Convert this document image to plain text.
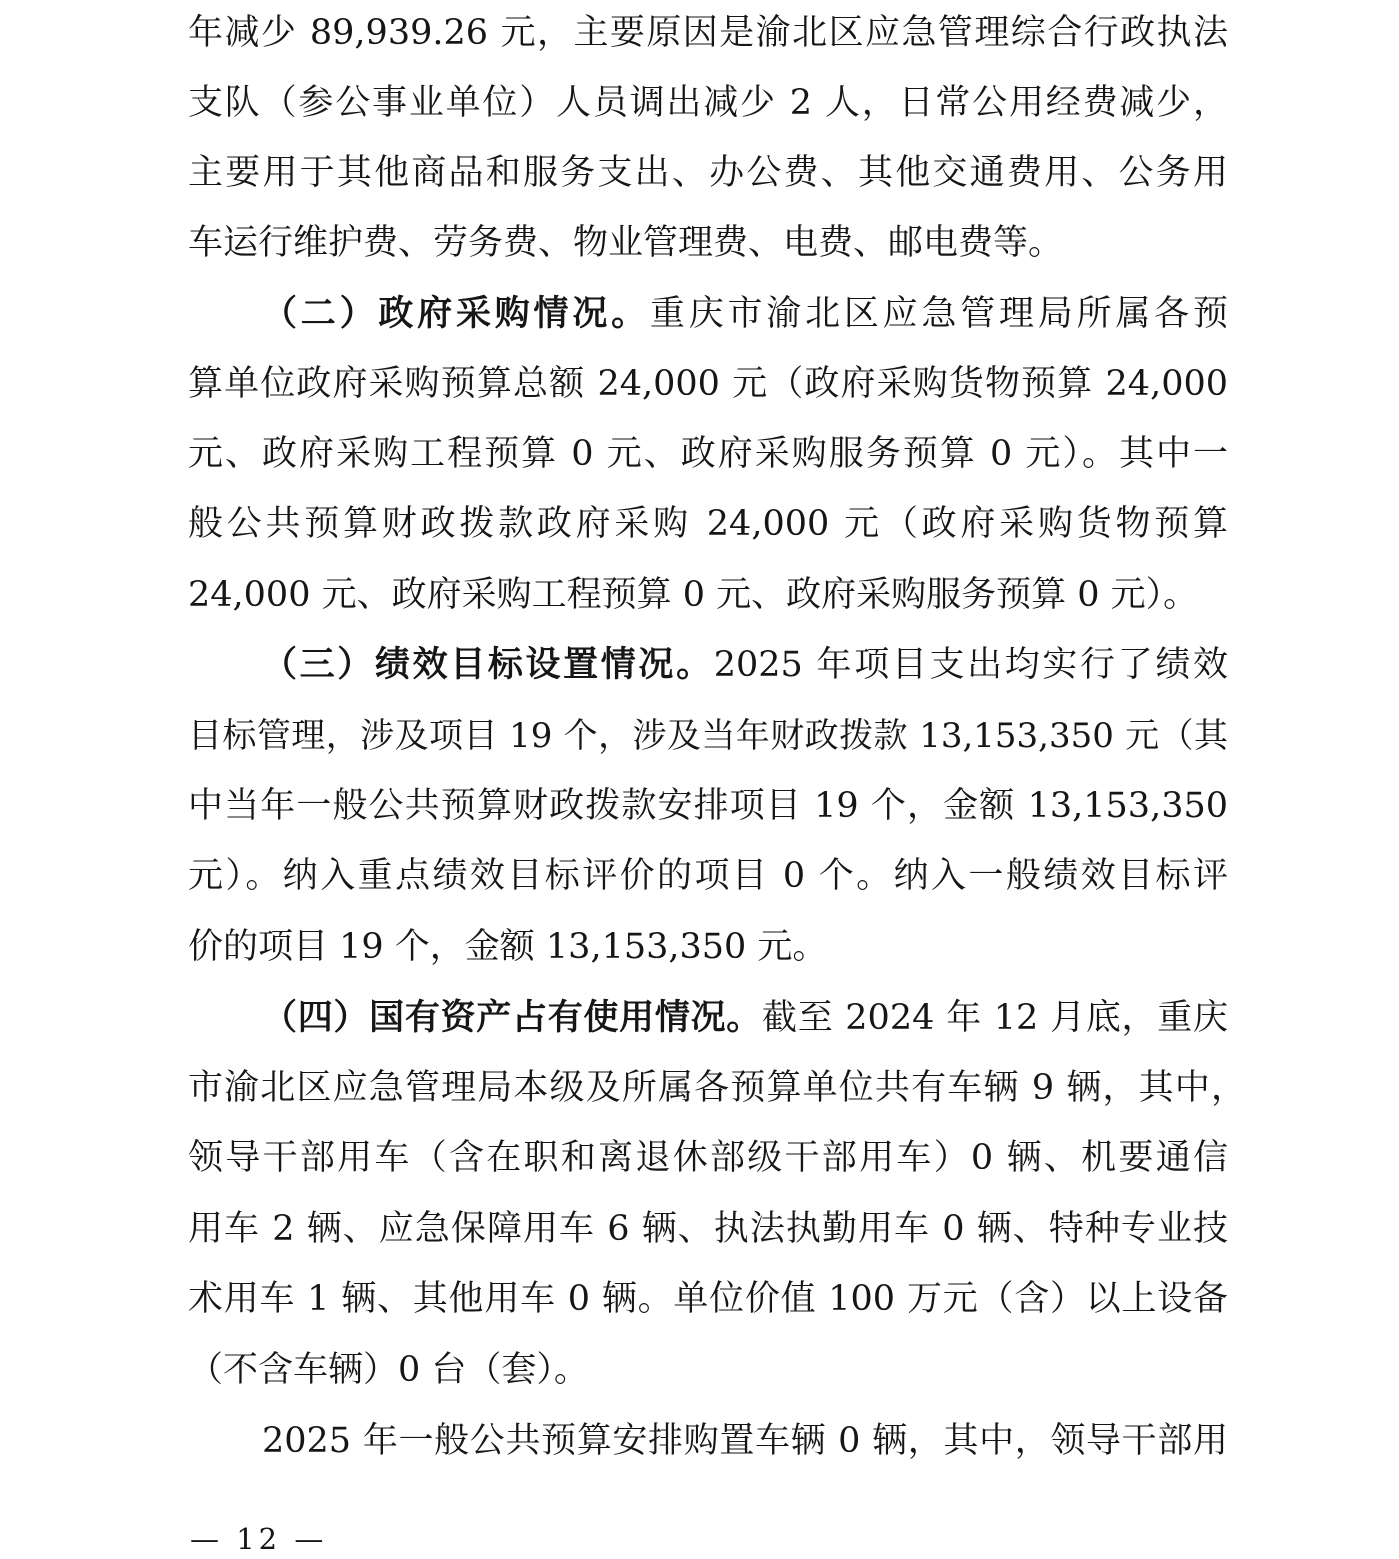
年减少 89,939.26 元，主要原因是渝北区应急管理综合行政执法
支队（参公事业单位）人员调出减少 2 人，日常公用经费减少，
主要用于其他商品和服务支出、办公费、其他交通费用、公务用
车运行维护费、劳务费、物业管理费、电费、邮电费等。
（二）政府采购情况。重庆市渝北区应急管理局所属各预
算单位政府采购预算总额 24,000 元（政府采购货物预算 24,000
元、政府采购工程预算 0 元、政府采购服务预算 0 元）。其中一
般公共预算财政拨款政府采购 24,000 元（政府采购货物预算
24,000 元、政府采购工程预算 0 元、政府采购服务预算 0 元）。
（三）绩效目标设置情况。2025 年项目支出均实行了绩效
目标管理，涉及项目 19 个，涉及当年财政拨款 13,153,350 元（其
中当年一般公共预算财政拨款安排项目 19 个，金额 13,153,350
元）。纳入重点绩效目标评价的项目 0 个。纳入一般绩效目标评
价的项目 19 个，金额 13,153,350 元。
（四）国有资产占有使用情况。截至 2024 年 12 月底，重庆
市渝北区应急管理局本级及所属各预算单位共有车辆 9 辆，其中，
领导干部用车（含在职和离退休部级干部用车）0 辆、机要通信
用车 2 辆、应急保障用车 6 辆、执法执勤用车 0 辆、特种专业技
术用车 1 辆、其他用车 0 辆。单位价值 100 万元（含）以上设备
（不含车辆）0 台（套）。
2025 年一般公共预算安排购置车辆 0 辆，其中，领导干部用
— 12 —
